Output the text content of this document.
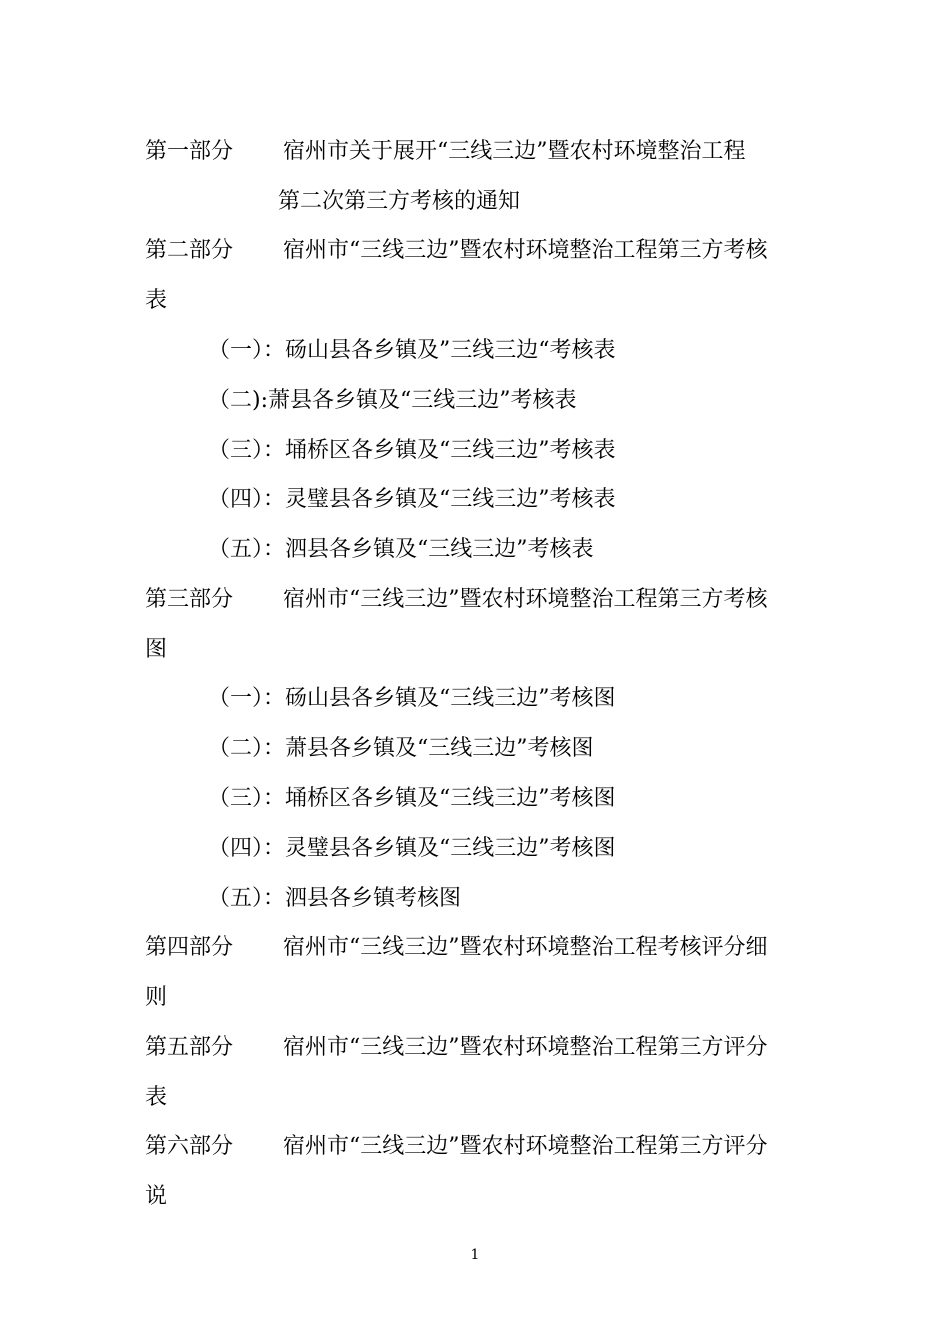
第一部分 宿州市关于展开“三线三边”暨农村环境整治工程
第二次第三方考核的通知
第二部分 宿州市“三线三边”暨农村环境整治工程第三方考核
表
（一）：砀山县各乡镇及”三线三边“考核表
（二):萧县各乡镇及“三线三边”考核表
（三）：埇桥区各乡镇及“三线三边”考核表
（四）：灵璧县各乡镇及“三线三边”考核表
（五）：泗县各乡镇及“三线三边”考核表
第三部分 宿州市“三线三边”暨农村环境整治工程第三方考核
图
（一）：砀山县各乡镇及“三线三边”考核图
（二）：萧县各乡镇及“三线三边”考核图
（三）：埇桥区各乡镇及“三线三边”考核图
（四）：灵璧县各乡镇及“三线三边”考核图
（五）：泗县各乡镇考核图
第四部分 宿州市“三线三边”暨农村环境整治工程考核评分细
则
第五部分 宿州市“三线三边”暨农村环境整治工程第三方评分
表
第六部分 宿州市“三线三边”暨农村环境整治工程第三方评分
说
1
